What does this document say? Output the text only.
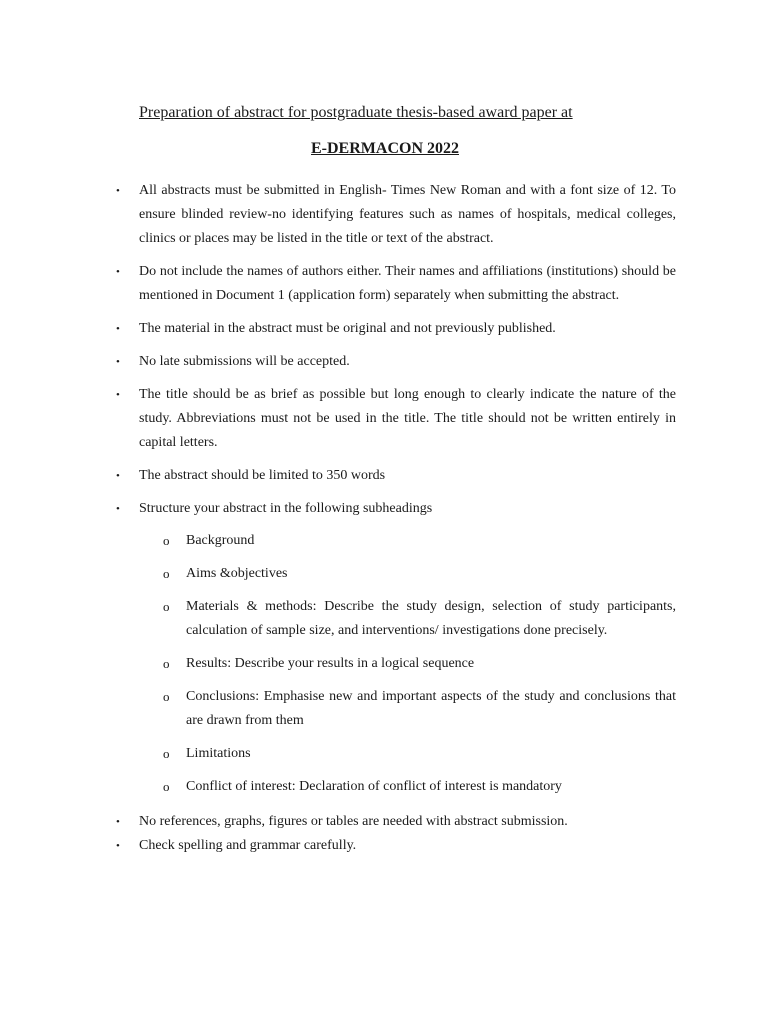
Preparation of abstract for postgraduate thesis-based award paper at
E-DERMACON 2022
• All abstracts must be submitted in English- Times New Roman and with a font size of 12. To ensure blinded review-no identifying features such as names of hospitals, medical colleges, clinics or places may be listed in the title or text of the abstract.
• Do not include the names of authors either. Their names and affiliations (institutions) should be mentioned in Document 1 (application form) separately when submitting the abstract.
• The material in the abstract must be original and not previously published.
• No late submissions will be accepted.
• The title should be as brief as possible but long enough to clearly indicate the nature of the study. Abbreviations must not be used in the title. The title should not be written entirely in capital letters.
• The abstract should be limited to 350 words
• Structure your abstract in the following subheadings
o Background
o Aims &objectives
o Materials & methods: Describe the study design, selection of study participants, calculation of sample size, and interventions/ investigations done precisely.
o Results: Describe your results in a logical sequence
o Conclusions: Emphasise new and important aspects of the study and conclusions that are drawn from them
o Limitations
o Conflict of interest: Declaration of conflict of interest is mandatory
• No references, graphs, figures or tables are needed with abstract submission.
• Check spelling and grammar carefully.
